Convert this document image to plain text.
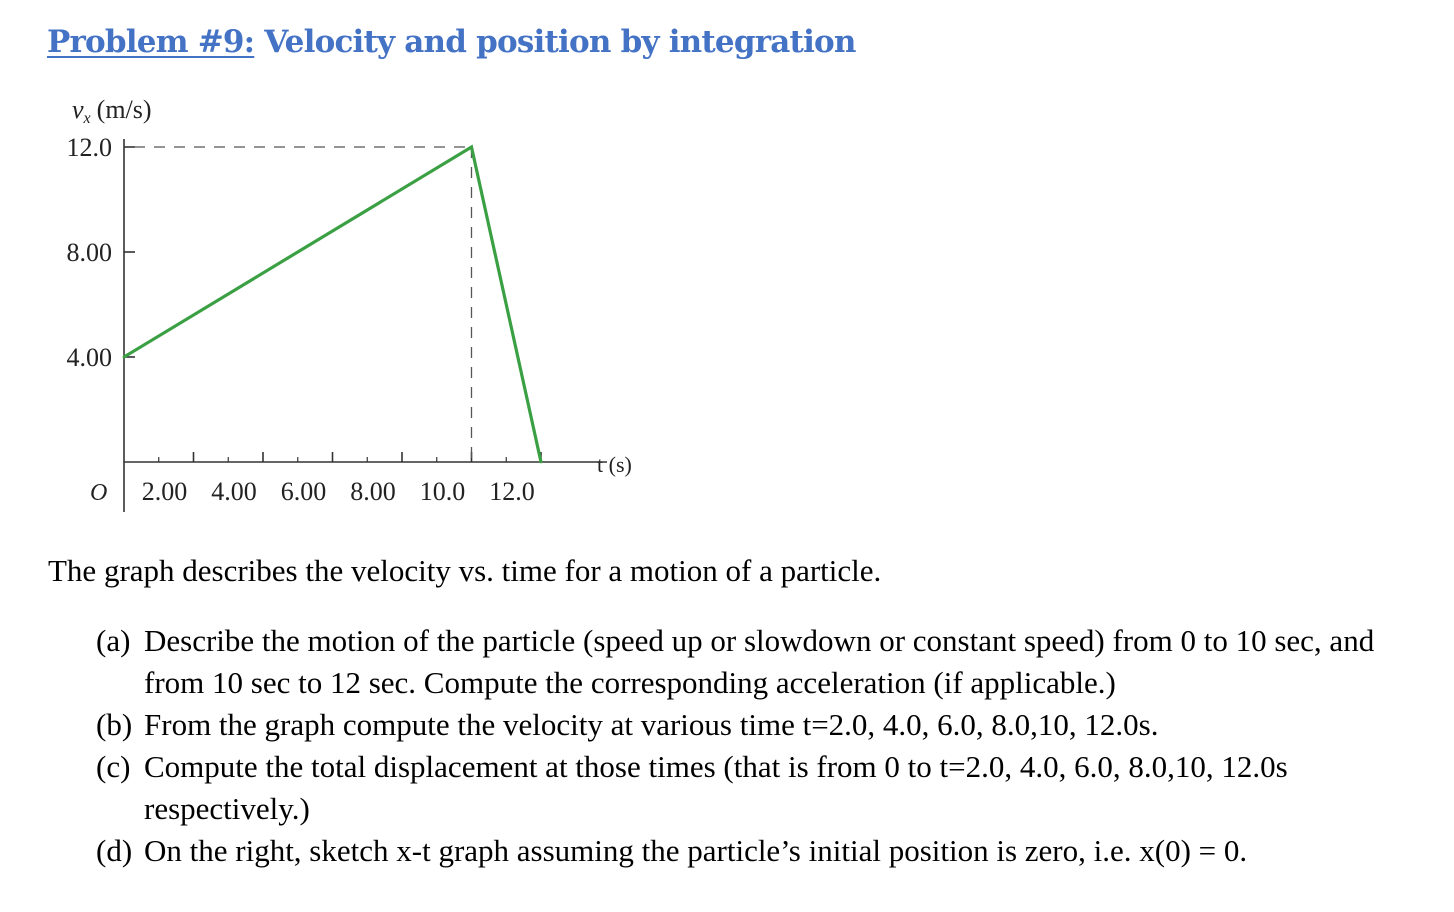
Problem #9: Velocity and position by integration
vx (m/s)
t (s)
O
12.0
8.00
4.00
2.00 4.00 6.00 8.00 10.0 12.0
The graph describes the velocity vs. time for a motion of a particle.
(a) Describe the motion of the particle (speed up or slowdown or constant speed) from 0 to 10 sec, and from 10 sec to 12 sec. Compute the corresponding acceleration (if applicable.)
(b) From the graph compute the velocity at various time t=2.0, 4.0, 6.0, 8.0,10, 12.0s.
(c) Compute the total displacement at those times (that is from 0 to t=2.0, 4.0, 6.0, 8.0,10, 12.0s respectively.)
(d) On the right, sketch x-t graph assuming the particle’s initial position is zero, i.e. x(0) = 0.
